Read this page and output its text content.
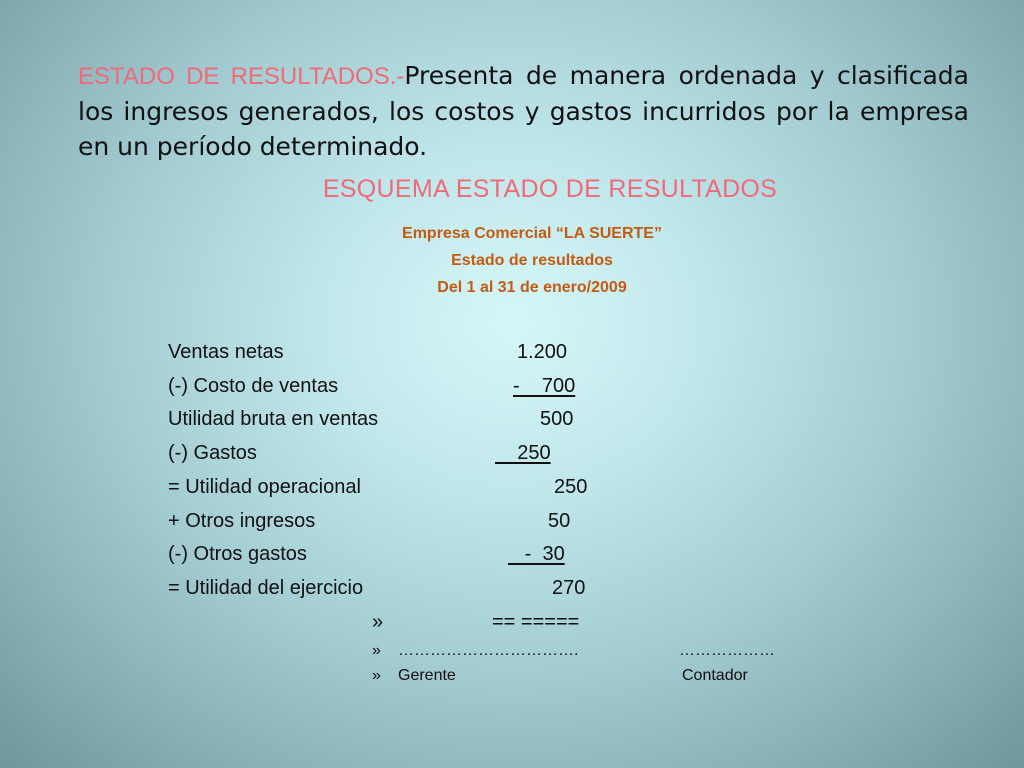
ESTADO DE RESULTADOS.-Presenta de manera ordenada y clasificada los ingresos generados, los costos y gastos incurridos por la empresa en un período determinado.
ESQUEMA ESTADO DE RESULTADOS
Empresa Comercial “LA SUERTE”
Estado de resultados
Del 1 al 31 de enero/2009
Ventas netas	1.200
(-) Costo de ventas	-    700
Utilidad bruta en ventas	500
(-) Gastos	250
= Utilidad operacional	250
+ Otros ingresos	50
(-) Otros gastos	-  30
= Utilidad del ejercicio	270
»	== =====
» …………………………….	………………
» Gerente	Contador
